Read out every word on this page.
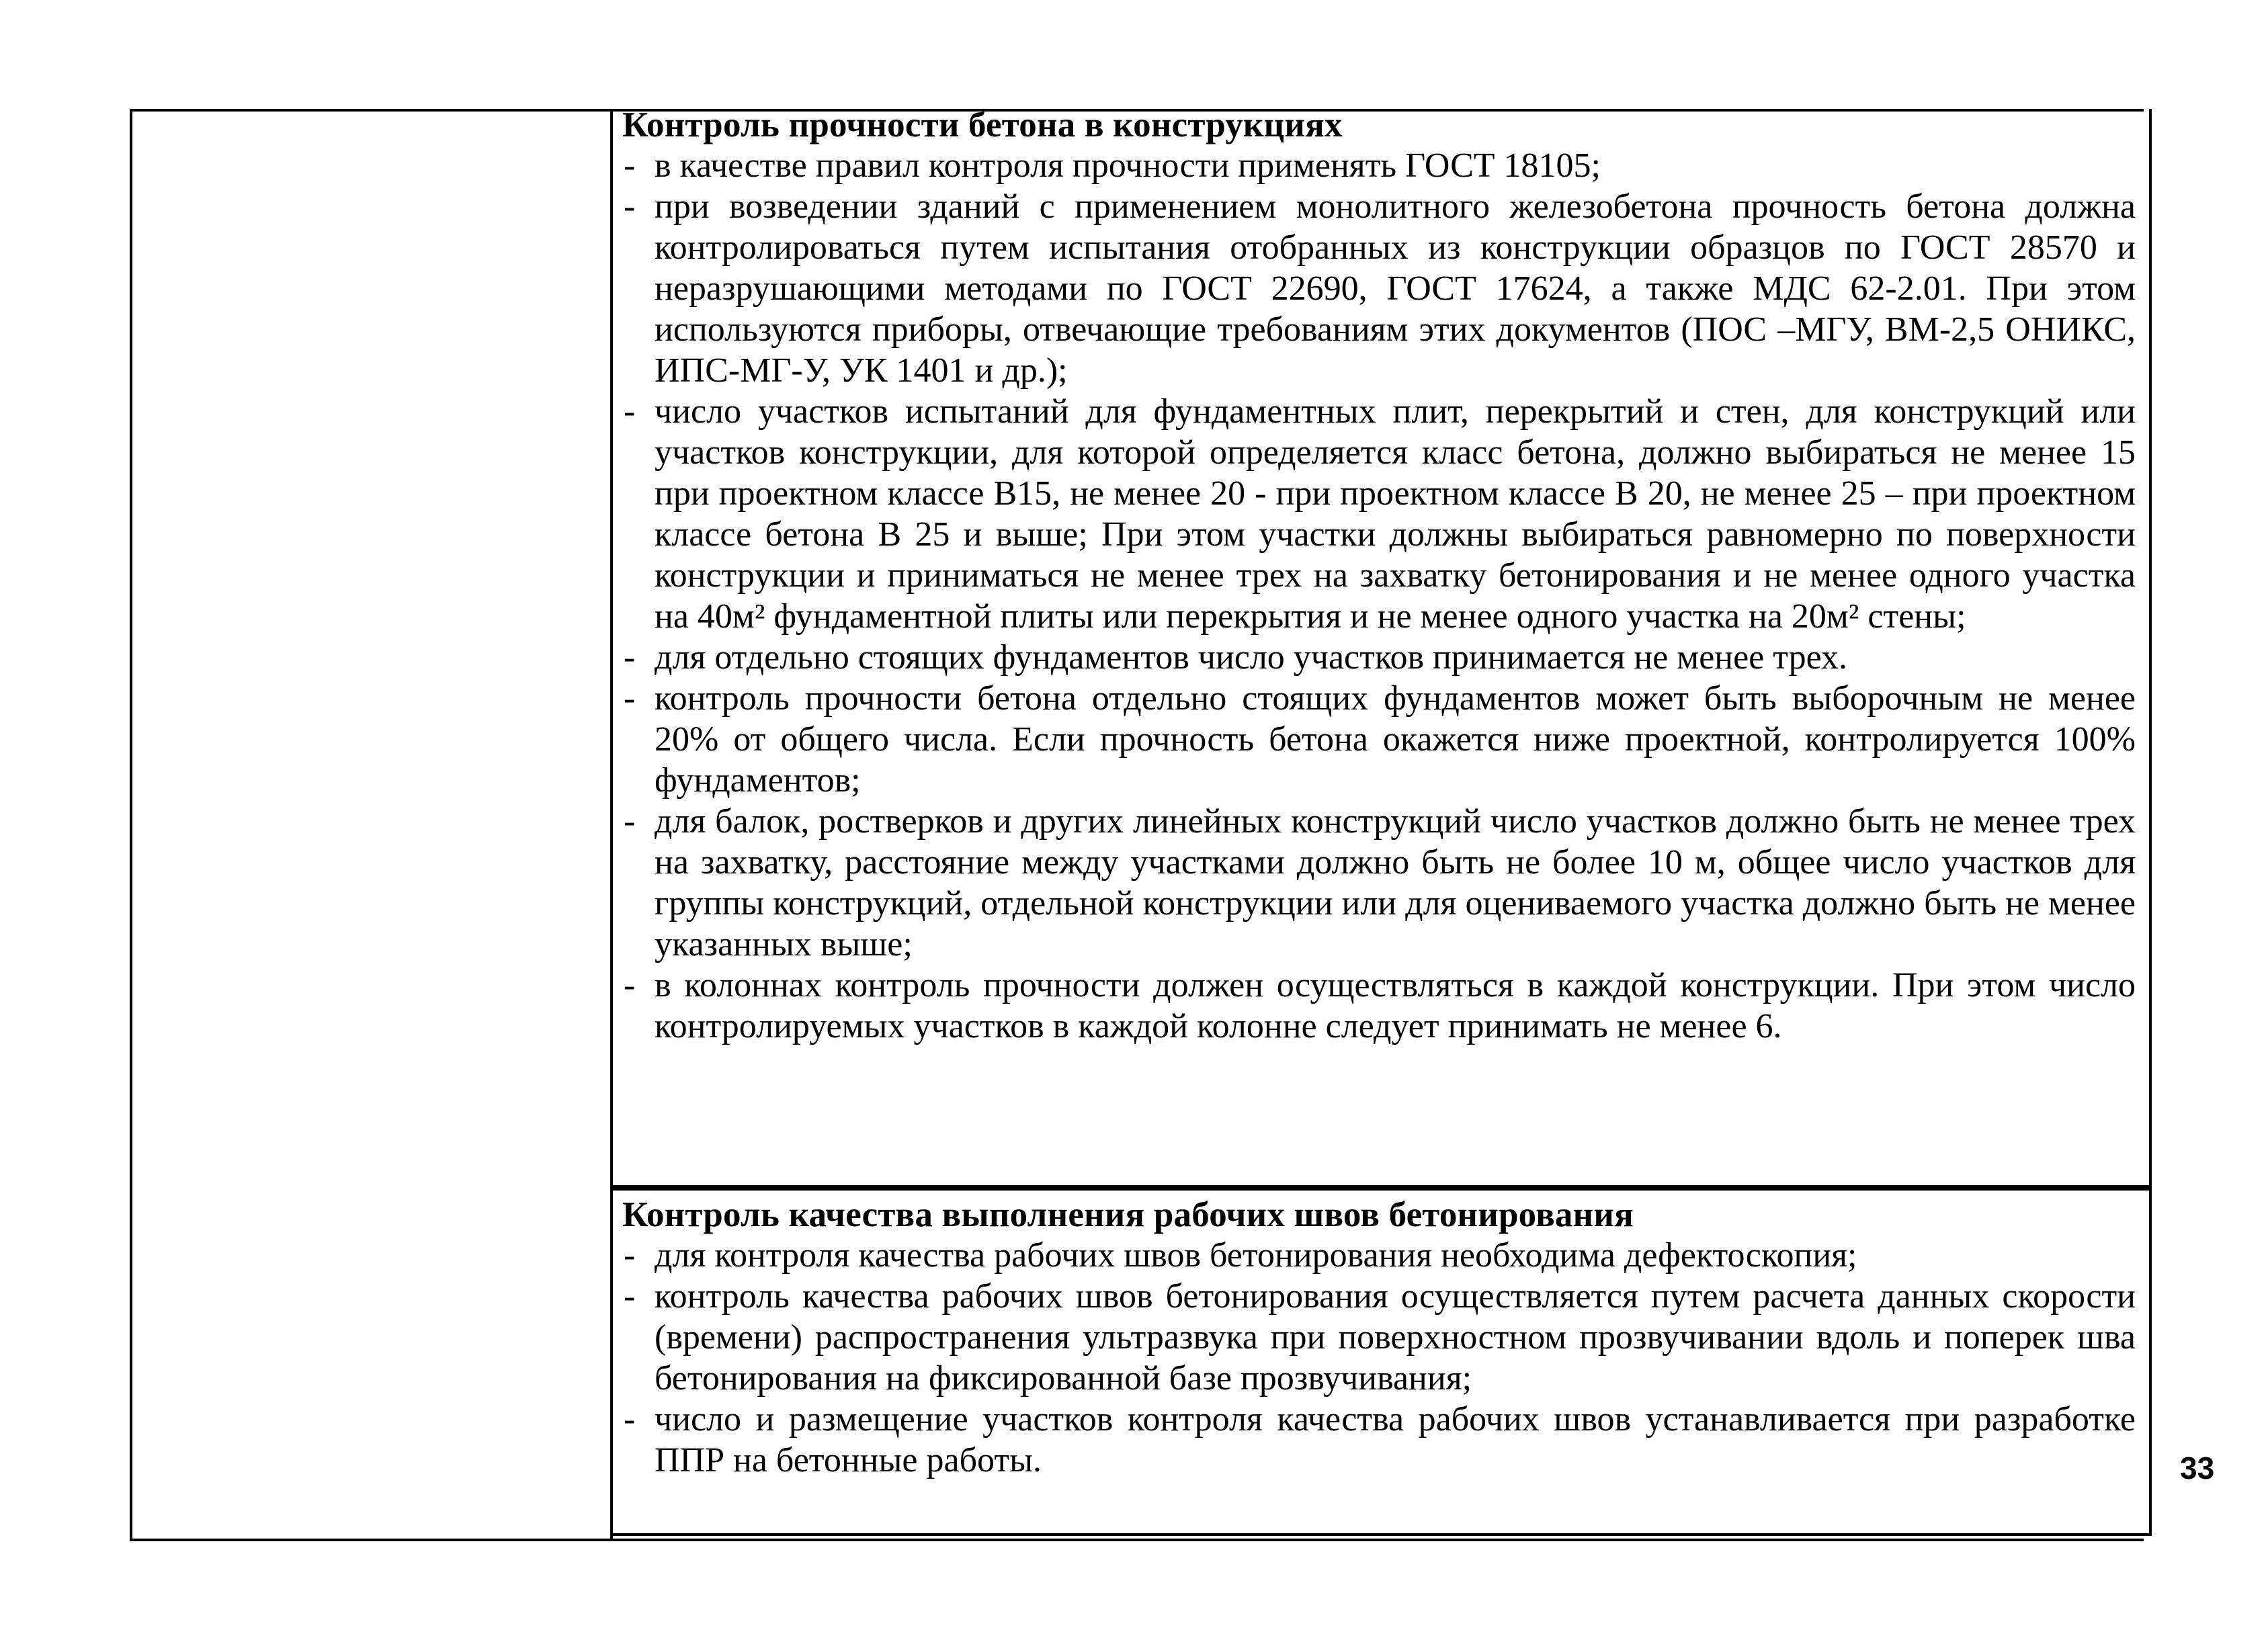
Контроль прочности бетона в конструкциях

- в качестве правил контроля прочности применять ГОСТ 18105;
- при возведении зданий с применением монолитного железобетона прочность бетона должна контролироваться путем испытания отобранных из конструкции образцов по ГОСТ 28570 и неразрушающими методами по ГОСТ 22690, ГОСТ 17624, а также МДС 62-2.01. При этом используются приборы, отвечающие требованиям этих документов (ПОС –МГУ, ВМ-2,5 ОНИКС, ИПС-МГ-У, УК 1401 и др.);
- число участков испытаний для фундаментных плит, перекрытий и стен, для конструкций или участков конструкции, для которой определяется класс бетона, должно выбираться не менее 15 при проектном классе В15, не менее 20 - при проектном классе В 20, не менее 25 – при проектном классе бетона В 25 и выше; При этом участки должны выбираться равномерно по поверхности конструкции и приниматься не менее трех на захватку бетонирования и не менее одного участка на 40м² фундаментной плиты или перекрытия и не менее одного участка на 20м² стены;
- для отдельно стоящих фундаментов число участков принимается не менее трех.
- контроль прочности бетона отдельно стоящих фундаментов может быть выборочным не менее 20% от общего числа. Если прочность бетона окажется ниже проектной, контролируется 100% фундаментов;
- для балок, ростверков и других линейных конструкций число участков должно быть не менее трех на захватку, расстояние между участками должно быть не более 10 м, общее число участков для группы конструкций, отдельной конструкции или для оцениваемого участка должно быть не менее указанных выше;
- в колоннах контроль прочности должен осуществляться в каждой конструкции. При этом число контролируемых участков в каждой колонне следует принимать не менее 6.

Контроль качества выполнения рабочих швов бетонирования

- для контроля качества рабочих швов бетонирования необходима дефектоскопия;
- контроль качества рабочих швов бетонирования осуществляется путем расчета данных скорости (времени) распространения ультразвука при поверхностном прозвучивании вдоль и поперек шва бетонирования на фиксированной базе прозвучивания;
- число и размещение участков контроля качества рабочих швов устанавливается при разработке ППР на бетонные работы.	33
